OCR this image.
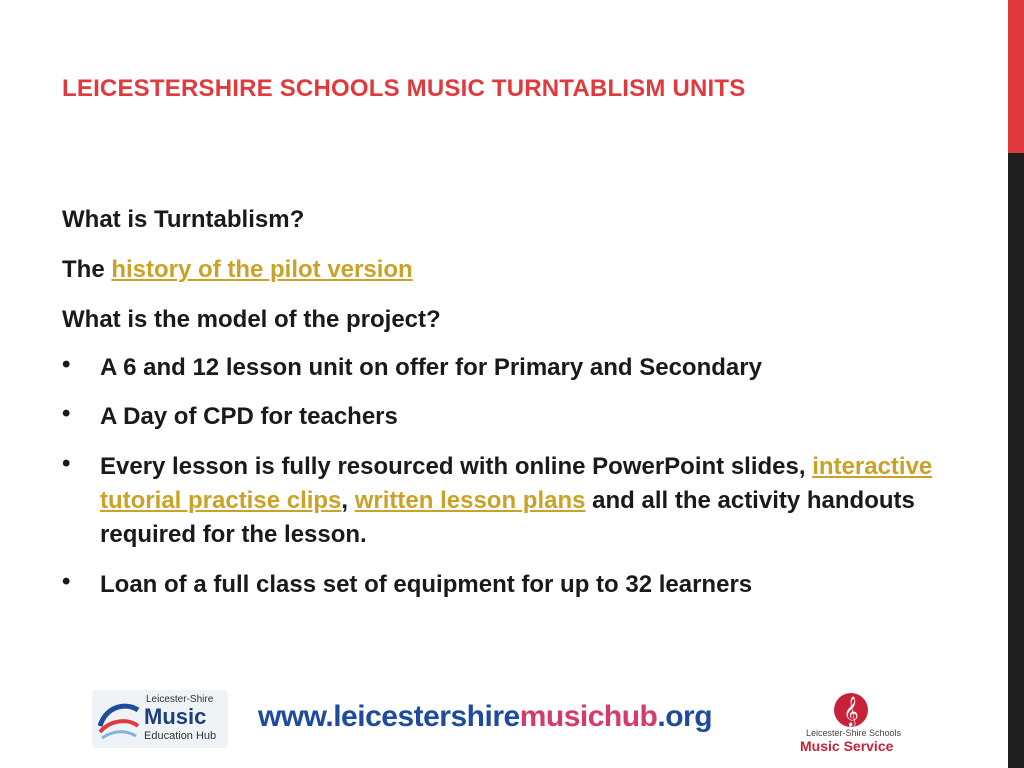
LEICESTERSHIRE SCHOOLS MUSIC TURNTABLISM UNITS
What is Turntablism?
The history of the pilot version
What is the model of the project?
• A 6 and 12 lesson unit on offer for Primary and Secondary
• A Day of CPD for teachers
• Every lesson is fully resourced with online PowerPoint slides, interactive tutorial practise clips, written lesson plans and all the activity handouts required for the lesson.
• Loan of a full class set of equipment for up to 32 learners
Leicester-Shire
Music
Education Hub
www.leicestershiremusichub.org	𝄞
Leicester-Shire Schools
Music Service
